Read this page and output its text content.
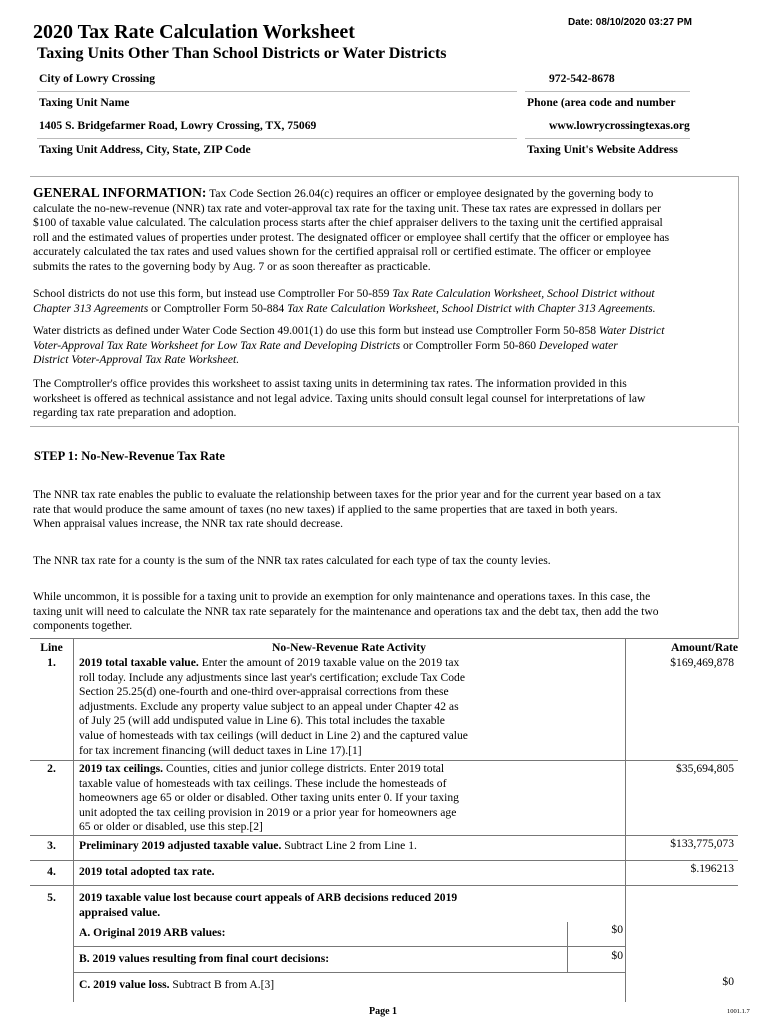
2020 Tax Rate Calculation Worksheet	Date: 08/10/2020 03:27 PM
Taxing Units Other Than School Districts or Water Districts
City of Lowry Crossing	972-542-8678
Taxing Unit Name	Phone (area code and number
1405 S. Bridgefarmer Road, Lowry Crossing, TX, 75069	www.lowrycrossingtexas.org
Taxing Unit Address, City, State, ZIP Code	Taxing Unit's Website Address
GENERAL INFORMATION: Tax Code Section 26.04(c) requires an officer or employee designated by the governing body to
calculate the no-new-revenue (NNR) tax rate and voter-approval tax rate for the taxing unit. These tax rates are expressed in dollars per
$100 of taxable value calculated. The calculation process starts after the chief appraiser delivers to the taxing unit the certified appraisal
roll and the estimated values of properties under protest. The designated officer or employee shall certify that the officer or employee has
accurately calculated the tax rates and used values shown for the certified appraisal roll or certified estimate. The officer or employee
submits the rates to the governing body by Aug. 7 or as soon thereafter as practicable.
School districts do not use this form, but instead use Comptroller For 50-859 Tax Rate Calculation Worksheet, School District without
Chapter 313 Agreements or Comptroller Form 50-884 Tax Rate Calculation Worksheet, School District with Chapter 313 Agreements.
Water districts as defined under Water Code Section 49.001(1) do use this form but instead use Comptroller Form 50-858 Water District
Voter-Approval Tax Rate Worksheet for Low Tax Rate and Developing Districts or Comptroller Form 50-860 Developed water
District Voter-Approval Tax Rate Worksheet.
The Comptroller's office provides this worksheet to assist taxing units in determining tax rates. The information provided in this
worksheet is offered as technical assistance and not legal advice. Taxing units should consult legal counsel for interpretations of law
regarding tax rate preparation and adoption.
STEP 1: No-New-Revenue Tax Rate
The NNR tax rate enables the public to evaluate the relationship between taxes for the prior year and for the current year based on a tax
rate that would produce the same amount of taxes (no new taxes) if applied to the same properties that are taxed in both years.
When appraisal values increase, the NNR tax rate should decrease.
The NNR tax rate for a county is the sum of the NNR tax rates calculated for each type of tax the county levies.
While uncommon, it is possible for a taxing unit to provide an exemption for only maintenance and operations taxes. In this case, the
taxing unit will need to calculate the NNR tax rate separately for the maintenance and operations tax and the debt tax, then add the two
components together.
Line	No-New-Revenue Rate Activity	Amount/Rate
1.	2019 total taxable value. Enter the amount of 2019 taxable value on the 2019 tax
roll today. Include any adjustments since last year's certification; exclude Tax Code
Section 25.25(d) one-fourth and one-third over-appraisal corrections from these
adjustments. Exclude any property value subject to an appeal under Chapter 42 as
of July 25 (will add undisputed value in Line 6). This total includes the taxable
value of homesteads with tax ceilings (will deduct in Line 2) and the captured value
for tax increment financing (will deduct taxes in Line 17).[1]
$169,469,878
2.	2019 tax ceilings. Counties, cities and junior college districts. Enter 2019 total
taxable value of homesteads with tax ceilings. These include the homesteads of
homeowners age 65 or older or disabled. Other taxing units enter 0. If your taxing
unit adopted the tax ceiling provision in 2019 or a prior year for homeowners age
65 or older or disabled, use this step.[2]
$35,694,805
3.	Preliminary 2019 adjusted taxable value. Subtract Line 2 from Line 1.	$133,775,073
4.	2019 total adopted tax rate.	$.196213
5.	2019 taxable value lost because court appeals of ARB decisions reduced 2019
appraised value.
A. Original 2019 ARB values:	$0
B. 2019 values resulting from final court decisions:	$0
C. 2019 value loss. Subtract B from A.[3]	$0
Page 1	1001.1.7
